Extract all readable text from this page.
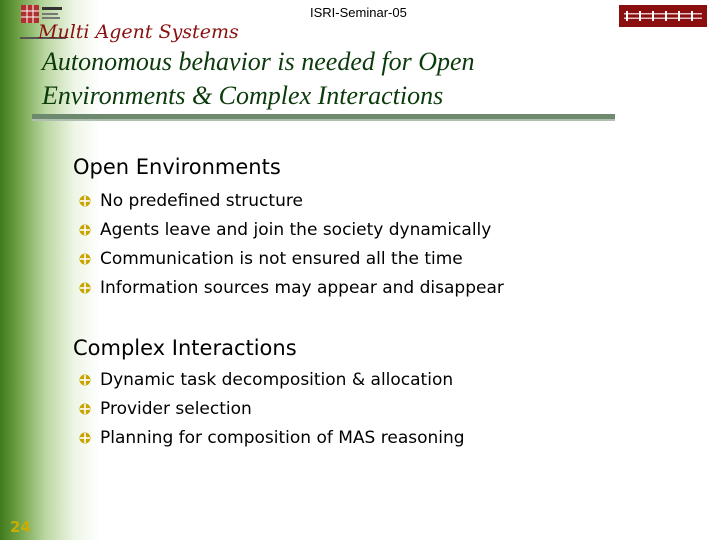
Multi Agent Systems
ISRI-Seminar-05
Autonomous behavior is needed for Open
Environments & Complex Interactions
Open Environments
No predefined structure
Agents leave and join the society dynamically
Communication is not ensured all the time
Information sources may appear and disappear
Complex Interactions
Dynamic task decomposition & allocation
Provider selection
Planning for composition of MAS reasoning
24
